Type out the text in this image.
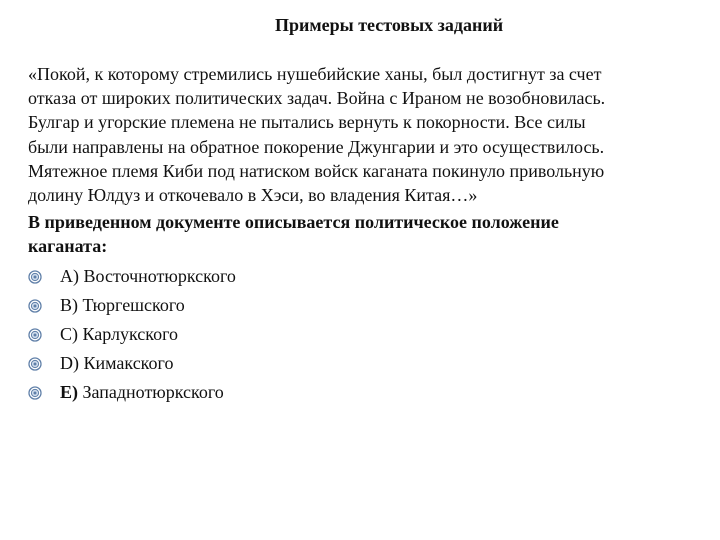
Примеры тестовых заданий
«Покой, к которому стремились нушебийские ханы, был достигнут за счет
отказа от широких политических задач. Война с Ираном не возобновилась.
Булгар и угорские племена не пытались вернуть к покорности. Все силы
были направлены на обратное покорение Джунгарии и это осуществилось.
Мятежное племя Киби под натиском войск каганата покинуло привольную
долину Юлдуз и откочевало в Хэси, во владения Китая…»
В приведенном документе описывается политическое положение
каганата:
А)
Восточнотюркского
В)
Тюргешского
С)
Карлукского
D)
Кимакского
Е)
Западнотюркского
